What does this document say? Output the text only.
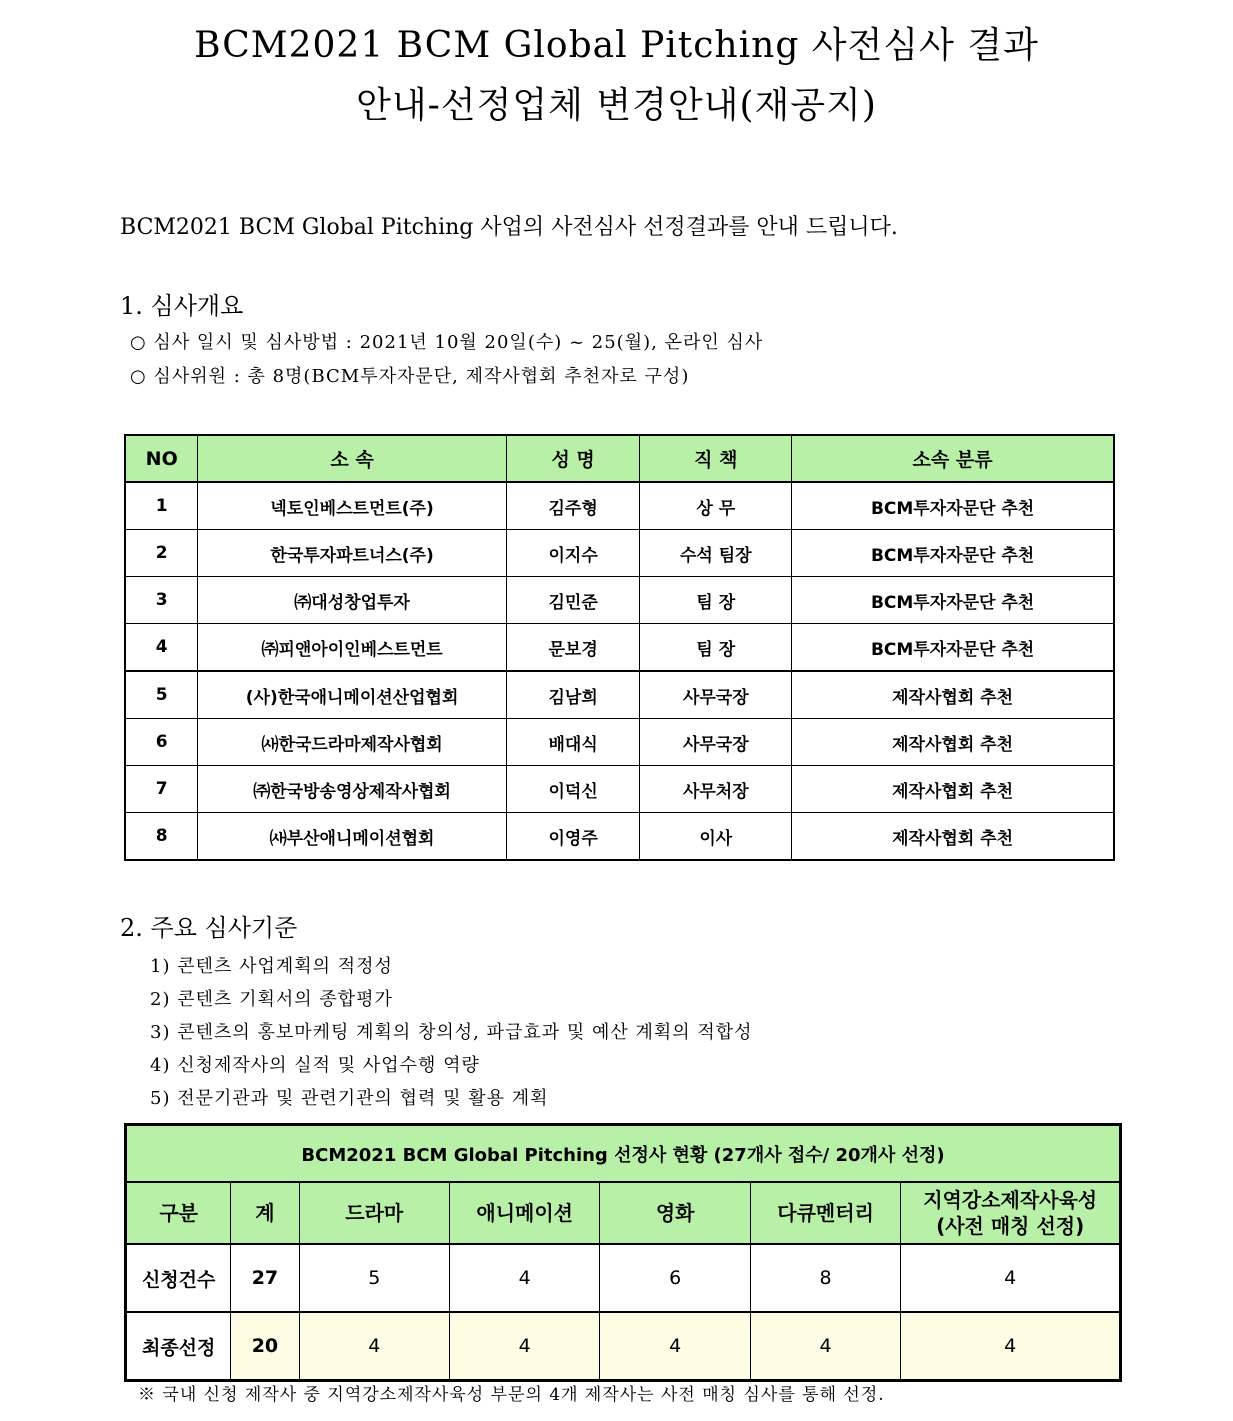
BCM2021 BCM Global Pitching 사전심사 결과
안내-선정업체 변경안내(재공지)
BCM2021 BCM Global Pitching 사업의 사전심사 선정결과를 안내 드립니다.
1. 심사개요
○ 심사 일시 및 심사방법 : 2021년 10월 20일(수) ~ 25(월), 온라인 심사
○ 심사위원 : 총 8명(BCM투자자문단, 제작사협회 추천자로 구성)
NO	소 속	성 명	직 책	소속 분류
1	넥토인베스트먼트(주)	김주형	상 무	BCM투자자문단 추천
2	한국투자파트너스(주)	이지수	수석 팀장	BCM투자자문단 추천
3	㈜대성창업투자	김민준	팀 장	BCM투자자문단 추천
4	㈜피앤아이인베스트먼트	문보경	팀 장	BCM투자자문단 추천
5	(사)한국애니메이션산업협회	김남희	사무국장	제작사협회 추천
6	㈔한국드라마제작사협회	배대식	사무국장	제작사협회 추천
7	㈜한국방송영상제작사협회	이덕신	사무처장	제작사협회 추천
8	㈔부산애니메이션협회	이영주	이사	제작사협회 추천
2. 주요 심사기준
1) 콘텐츠 사업계획의 적정성
2) 콘텐츠 기획서의 종합평가
3) 콘텐츠의 홍보마케팅 계획의 창의성, 파급효과 및 예산 계획의 적합성
4) 신청제작사의 실적 및 사업수행 역량
5) 전문기관과 및 관련기관의 협력 및 활용 계획
BCM2021 BCM Global Pitching 선정사 현황 (27개사 접수/ 20개사 선정)						
구분	계	드라마	애니메이션	영화	다큐멘터리	지역강소제작사육성
(사전 매칭 선정)

신청건수	27	5	4	6	8	4
최종선정	20	4	4	4	4	4
※ 국내 신청 제작사 중 지역강소제작사육성 부문의 4개 제작사는 사전 매칭 심사를 통해 선정.
